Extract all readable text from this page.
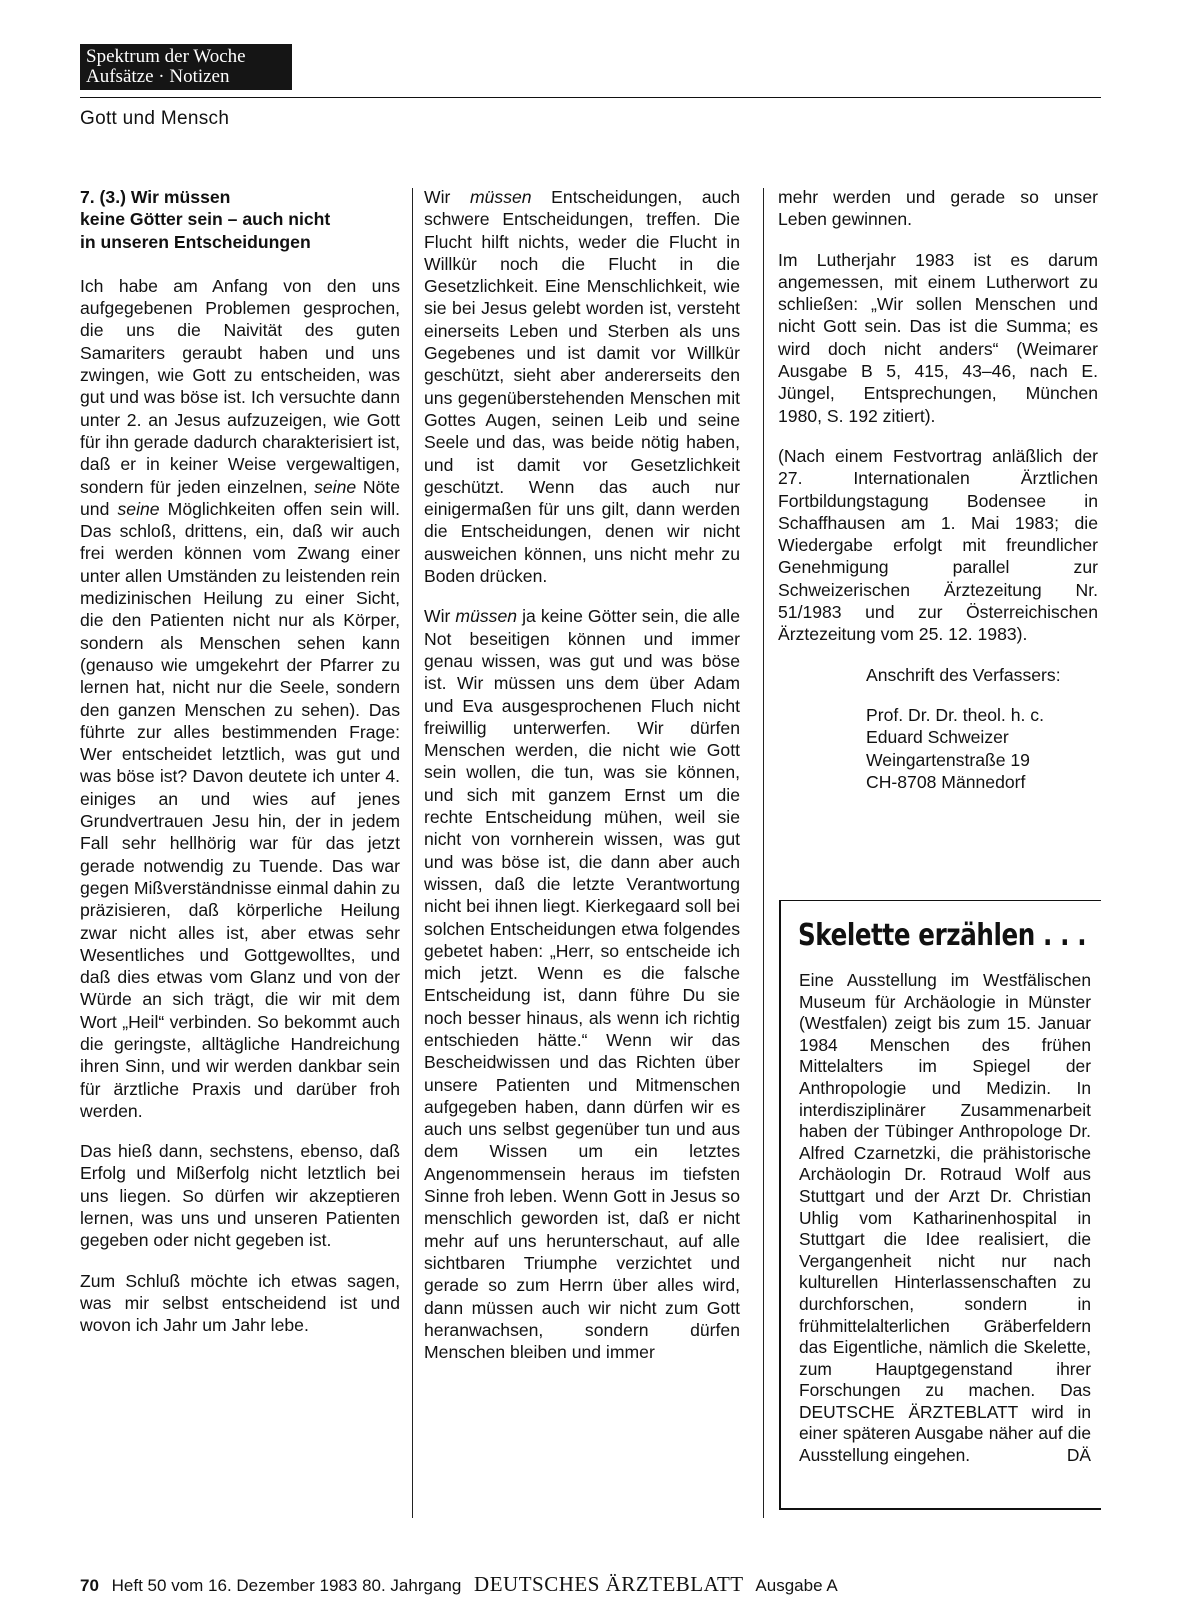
Spektrum der Woche
Aufsätze · Notizen
Gott und Mensch
7. (3.) Wir müssen
keine Götter sein – auch nicht
in unseren Entscheidungen

Ich habe am Anfang von den uns aufgegebenen Problemen gesprochen, die uns die Naivität des guten Samariters geraubt haben und uns zwingen, wie Gott zu entscheiden, was gut und was böse ist. Ich versuchte dann unter 2. an Jesus aufzuzeigen, wie Gott für ihn gerade dadurch charakterisiert ist, daß er in keiner Weise vergewaltigen, sondern für jeden einzelnen, seine Nöte und seine Möglichkeiten offen sein will. Das schloß, drittens, ein, daß wir auch frei werden können vom Zwang einer unter allen Umständen zu leistenden rein medizinischen Heilung zu einer Sicht, die den Patienten nicht nur als Körper, sondern als Menschen sehen kann (genauso wie umgekehrt der Pfarrer zu lernen hat, nicht nur die Seele, sondern den ganzen Menschen zu sehen). Das führte zur alles bestimmenden Frage: Wer entscheidet letztlich, was gut und was böse ist? Davon deutete ich unter 4. einiges an und wies auf jenes Grundvertrauen Jesu hin, der in jedem Fall sehr hellhörig war für das jetzt gerade notwendig zu Tuende. Das war gegen Mißverständnisse einmal dahin zu präzisieren, daß körperliche Heilung zwar nicht alles ist, aber etwas sehr Wesentliches und Gottgewolltes, und daß dies etwas vom Glanz und von der Würde an sich trägt, die wir mit dem Wort „Heil“ verbinden. So bekommt auch die geringste, alltägliche Handreichung ihren Sinn, und wir werden dankbar sein für ärztliche Praxis und darüber froh werden.

Das hieß dann, sechstens, ebenso, daß Erfolg und Mißerfolg nicht letztlich bei uns liegen. So dürfen wir akzeptieren lernen, was uns und unseren Patienten gegeben oder nicht gegeben ist.

Zum Schluß möchte ich etwas sagen, was mir selbst entscheidend ist und wovon ich Jahr um Jahr lebe.

Wir müssen Entscheidungen, auch schwere Entscheidungen, treffen. Die Flucht hilft nichts, weder die Flucht in Willkür noch die Flucht in die Gesetzlichkeit. Eine Menschlichkeit, wie sie bei Jesus gelebt worden ist, versteht einerseits Leben und Sterben als uns Gegebenes und ist damit vor Willkür geschützt, sieht aber andererseits den uns gegenüberstehenden Menschen mit Gottes Augen, seinen Leib und seine Seele und das, was beide nötig haben, und ist damit vor Gesetzlichkeit geschützt. Wenn das auch nur einigermaßen für uns gilt, dann werden die Entscheidungen, denen wir nicht ausweichen können, uns nicht mehr zu Boden drücken.

Wir müssen ja keine Götter sein, die alle Not beseitigen können und immer genau wissen, was gut und was böse ist. Wir müssen uns dem über Adam und Eva ausgesprochenen Fluch nicht freiwillig unterwerfen. Wir dürfen Menschen werden, die nicht wie Gott sein wollen, die tun, was sie können, und sich mit ganzem Ernst um die rechte Entscheidung mühen, weil sie nicht von vornherein wissen, was gut und was böse ist, die dann aber auch wissen, daß die letzte Verantwortung nicht bei ihnen liegt. Kierkegaard soll bei solchen Entscheidungen etwa folgendes gebetet haben: „Herr, so entscheide ich mich jetzt. Wenn es die falsche Entscheidung ist, dann führe Du sie noch besser hinaus, als wenn ich richtig entschieden hätte.“ Wenn wir das Bescheidwissen und das Richten über unsere Patienten und Mitmenschen aufgegeben haben, dann dürfen wir es auch uns selbst gegenüber tun und aus dem Wissen um ein letztes Angenommensein heraus im tiefsten Sinne froh leben. Wenn Gott in Jesus so menschlich geworden ist, daß er nicht mehr auf uns herunterschaut, auf alle sichtbaren Triumphe verzichtet und gerade so zum Herrn über alles wird, dann müssen auch wir nicht zum Gott heranwachsen, sondern dürfen Menschen bleiben und immer

mehr werden und gerade so unser Leben gewinnen.

Im Lutherjahr 1983 ist es darum angemessen, mit einem Lutherwort zu schließen: „Wir sollen Menschen und nicht Gott sein. Das ist die Summa; es wird doch nicht anders“ (Weimarer Ausgabe B 5, 415, 43–46, nach E. Jüngel, Entsprechungen, München 1980, S. 192 zitiert).

(Nach einem Festvortrag anläßlich der 27. Internationalen Ärztlichen Fortbildungstagung Bodensee in Schaffhausen am 1. Mai 1983; die Wiedergabe erfolgt mit freundlicher Genehmigung parallel zur Schweizerischen Ärztezeitung Nr. 51/1983 und zur Österreichischen Ärztezeitung vom 25. 12. 1983).

Anschrift des Verfassers:
Prof. Dr. Dr. theol. h. c.
Eduard Schweizer
Weingartenstraße 19
CH-8708 Männedorf

Skelette erzählen . . .
Eine Ausstellung im Westfälischen Museum für Archäologie in Münster (Westfalen) zeigt bis zum 15. Januar 1984 Menschen des frühen Mittelalters im Spiegel der Anthropologie und Medizin. In interdisziplinärer Zusammenarbeit haben der Tübinger Anthropologe Dr. Alfred Czarnetzki, die prähistorische Archäologin Dr. Rotraud Wolf aus Stuttgart und der Arzt Dr. Christian Uhlig vom Katharinenhospital in Stuttgart die Idee realisiert, die Vergangenheit nicht nur nach kulturellen Hinterlassenschaften zu durchforschen, sondern in frühmittelalterlichen Gräberfeldern das Eigentliche, nämlich die Skelette, zum Hauptgegenstand ihrer Forschungen zu machen. Das DEUTSCHE ÄRZTEBLATT wird in einer späteren Ausgabe näher auf die Ausstellung eingehen.	DÄ
70 Heft 50 vom 16. Dezember 1983 80. Jahrgang DEUTSCHES ÄRZTEBLATT Ausgabe A
